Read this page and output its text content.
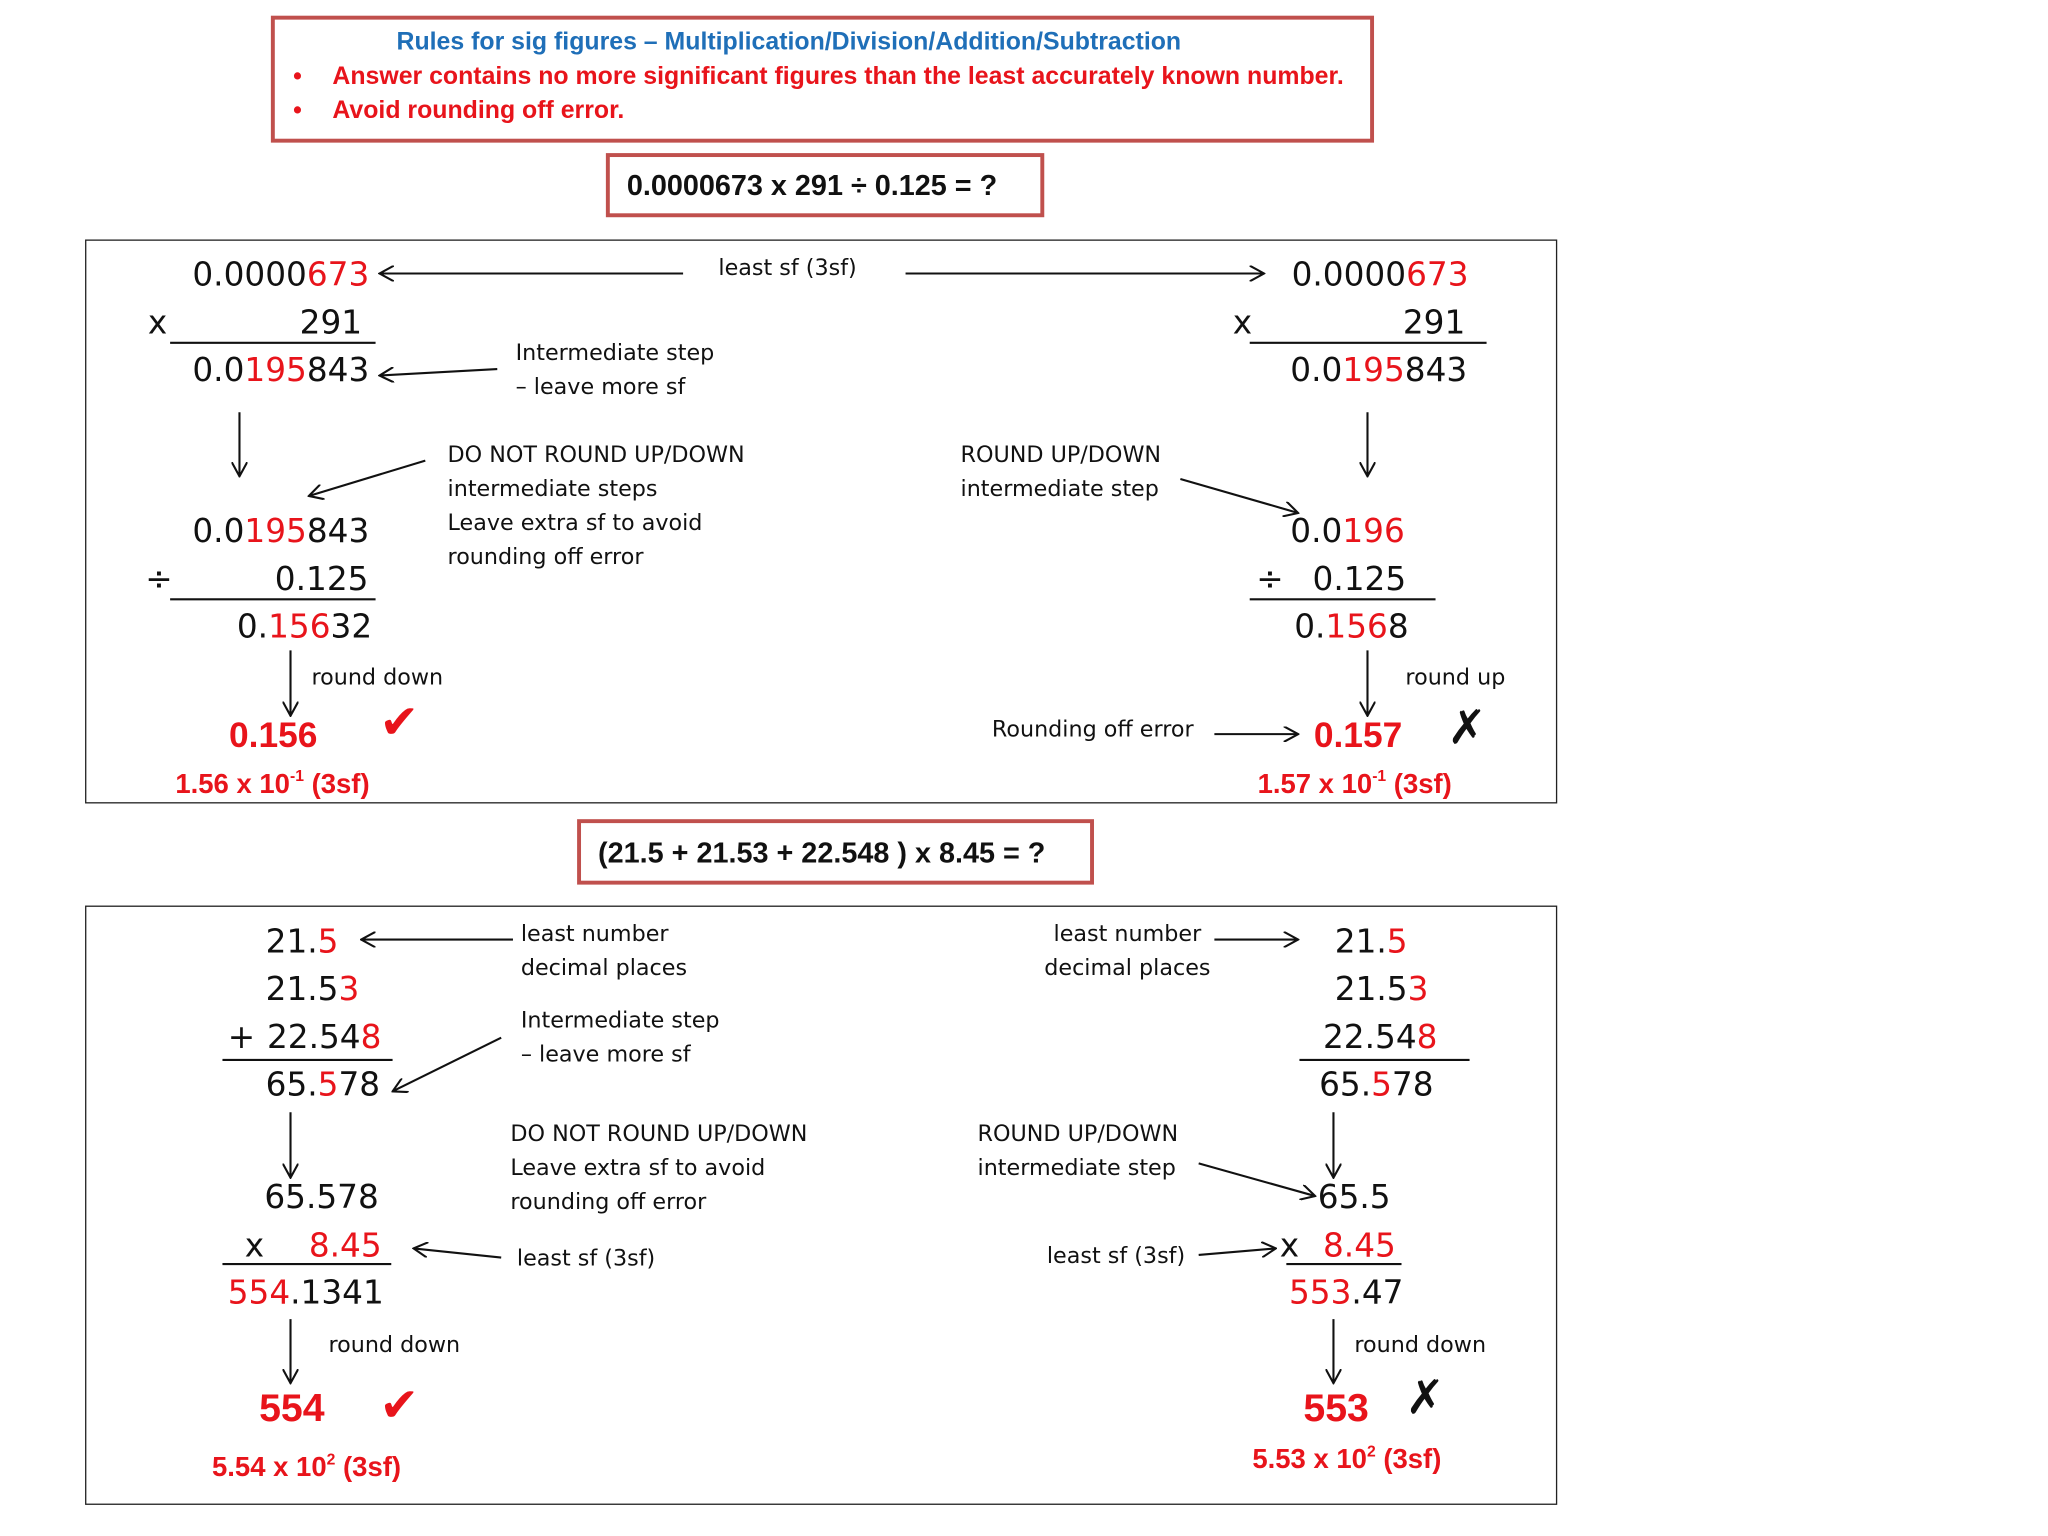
Rules for sig figures – Multiplication/Division/Addition/Subtraction
• Answer contains no more significant figures than the least accurately known number.
• Avoid rounding off error.
0.0000673 x 291 ÷ 0.125 = ?
0.0000673
x	291
0.0195843	Intermediate step
– leave more sf
DO NOT ROUND UP/DOWN
intermediate steps
Leave extra sf to avoid
rounding off error
0.0195843
÷	0.125
0.15632
round down
0.156 ✔
1.56 x $10^{-1}$ (3sf)
least sf (3sf)	0.0000673
x	291
0.0195843
ROUND UP/DOWN
intermediate step
0.0196
÷ 0.125
0.1568
round up
Rounding off error	0.157 ✗
1.57 x $10^{-1}$ (3sf)
(21.5 + 21.53 + 22.548 ) x 8.45 = ?
21.5
21.53
+ 22.548
65.578
least number
decimal places
Intermediate step
– leave more sf
DO NOT ROUND UP/DOWN
Leave extra sf to avoid
rounding off error
65.578
x 8.45	least sf (3sf)
554.1341
round down
554 ✔
5.54 x $10^2$ (3sf)
least number
decimal places
21.5
21.53
22.548
65.578
ROUND UP/DOWN
intermediate step
65.5
least sf (3sf)	x 8.45
553.47
round down
553 ✗
5.53 x $10^2$ (3sf)
